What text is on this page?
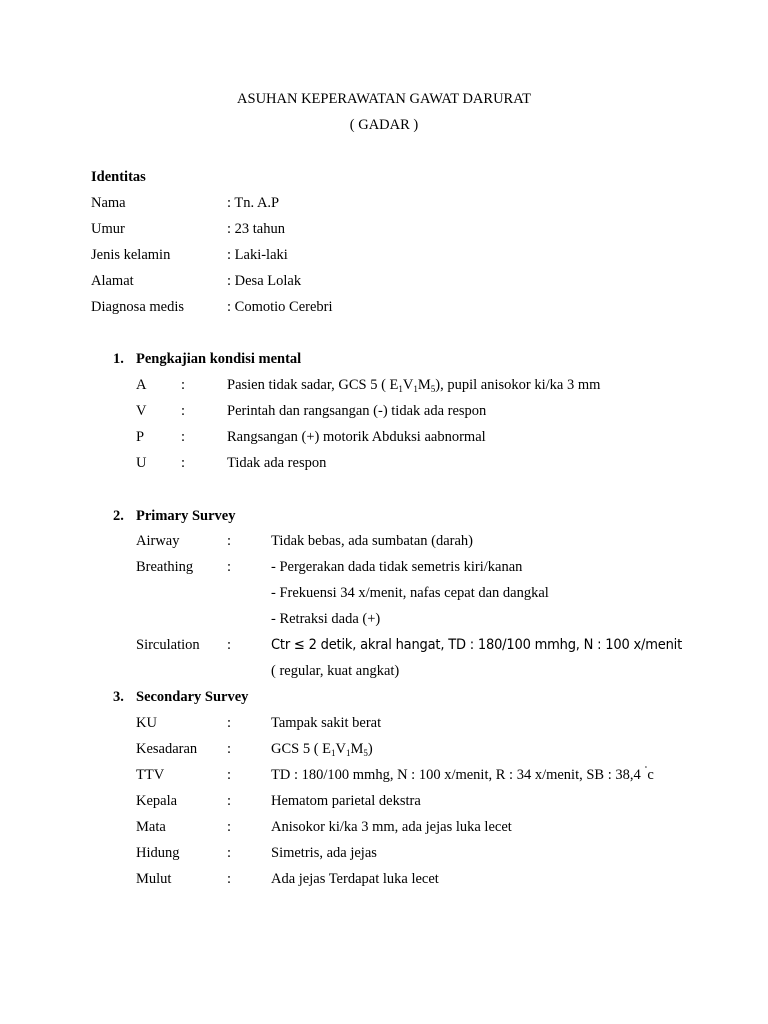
ASUHAN KEPERAWATAN GAWAT DARURAT
( GADAR )
Identitas
Nama	: Tn. A.P
Umur	: 23 tahun
Jenis kelamin	: Laki-laki
Alamat	: Desa Lolak
Diagnosa medis	: Comotio Cerebri
1. Pengkajian kondisi mental
A :	Pasien tidak sadar, GCS 5 ( $E_1V_1M_5$), pupil anisokor ki/ka 3 mm
V :	Perintah dan rangsangan (-) tidak ada respon
P	:	Rangsangan (+) motorik Abduksi aabnormal
U :	Tidak ada respon
2. Primary Survey
Airway	:	Tidak bebas, ada sumbatan (darah)
Breathing :	- Pergerakan dada tidak semetris kiri/kanan
- Frekuensi 34 x/menit, nafas cepat dan dangkal
- Retraksi dada (+)
Sirculation :	Ctr ≤ 2 detik, akral hangat, TD : 180/100 mmhg, N : 100 x/menit
( regular, kuat angkat)
3. Secondary Survey
KU	:	Tampak sakit berat
Kesadaran :	GCS 5 ( $E_1V_1M_5$)
TTV	:	TD : 180/100 mmhg, N : 100 x/menit, R : 34 x/menit, SB : 38,4 ˚c
Kepala	:	Hematom parietal dekstra
Mata	:	Anisokor ki/ka 3 mm, ada jejas luka lecet
Hidung	:	Simetris, ada jejas
Mulut	:	Ada jejas Terdapat luka lecet
